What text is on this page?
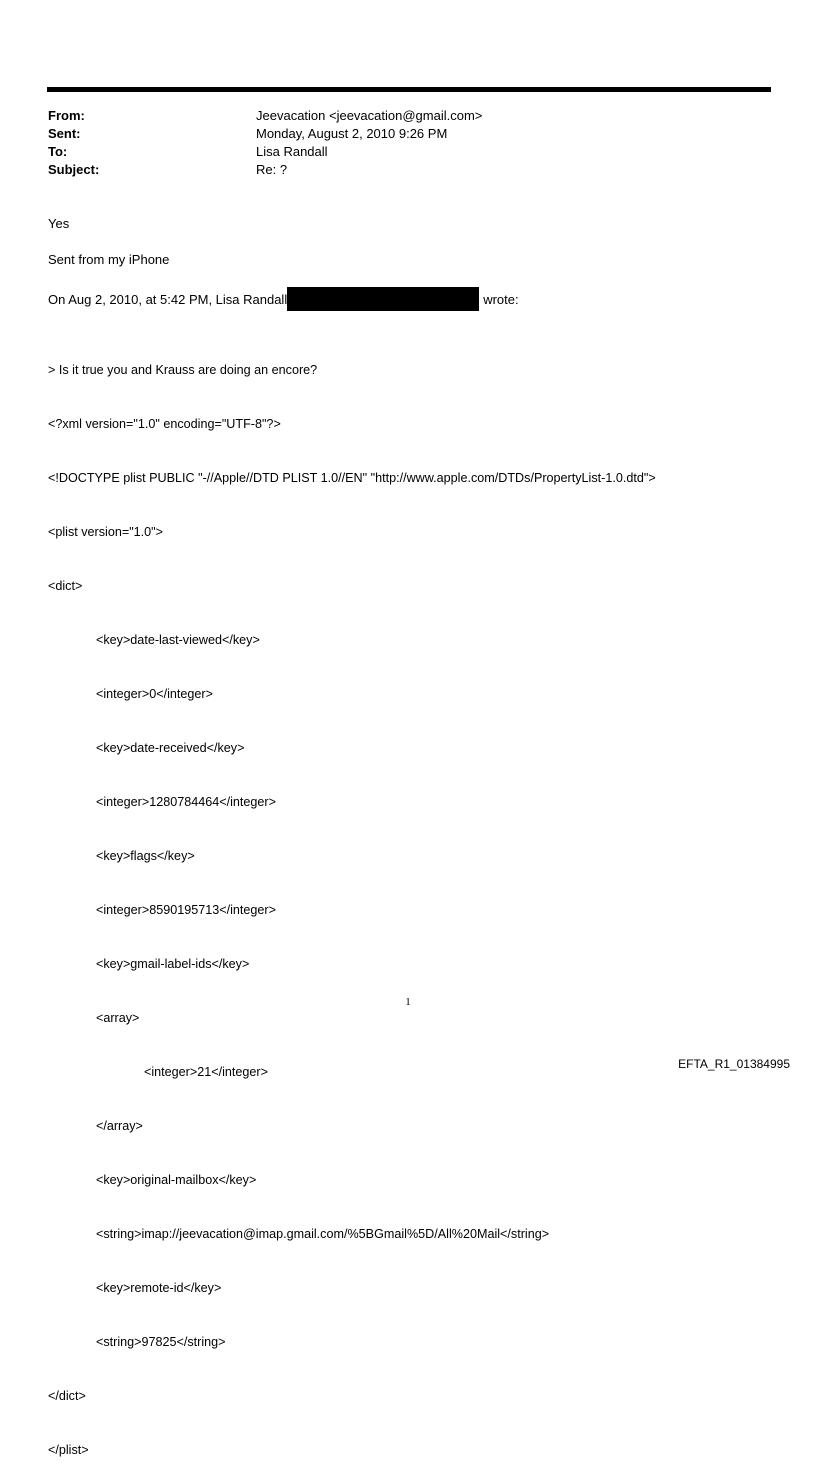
From:	Jeevacation <jeevacation@gmail.com>
Sent:	Monday, August 2, 2010 9:26 PM
To:	Lisa Randall
Subject:	Re: ?
Yes
Sent from my iPhone
On Aug 2, 2010, at 5:42 PM, Lisa Randall	wrote:

> Is it true you and Krauss are doing an encore?

<?xml version="1.0" encoding="UTF-8"?>

<!DOCTYPE plist PUBLIC "-//Apple//DTD PLIST 1.0//EN" "http://www.apple.com/DTDs/PropertyList-1.0.dtd">

<plist version="1.0">

<dict>

<key>date-last-viewed</key>

<integer>0</integer>

<key>date-received</key>

<integer>1280784464</integer>

<key>flags</key>

<integer>8590195713</integer>

<key>gmail-label-ids</key>

<array>

<integer>21</integer>

</array>

<key>original-mailbox</key>

<string>imap://jeevacation@imap.gmail.com/%5BGmail%5D/All%20Mail</string>

<key>remote-id</key>

<string>97825</string>

</dict>

</plist>

1
EFTA_R1_01384995
